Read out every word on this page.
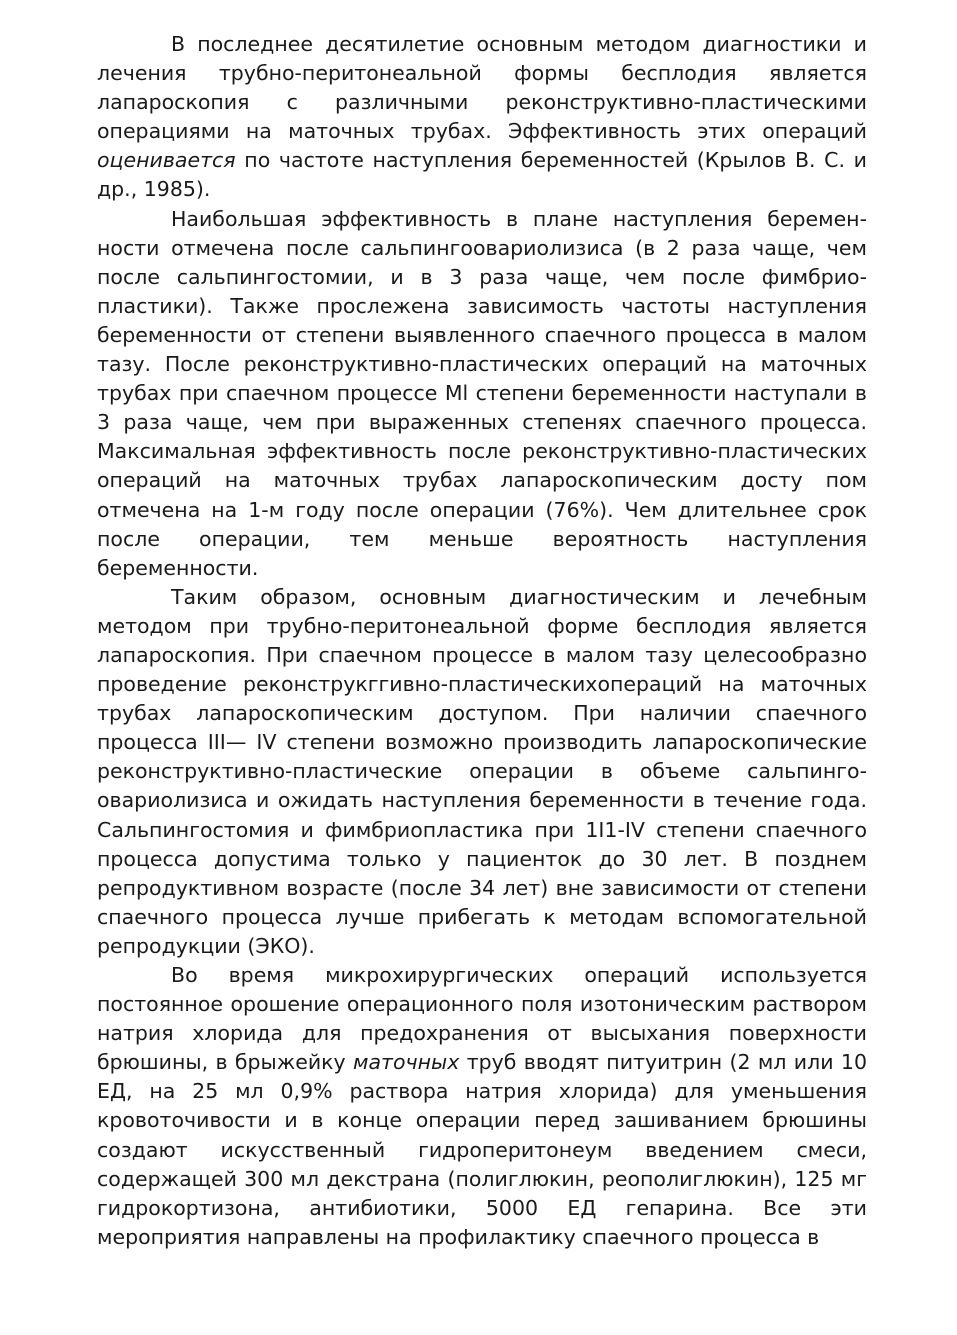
В последнее десятилетие основным методом диагностики и лечения трубно-перитонеальной формы бесплодия является лапароскопия с различными реконструктивно-пластическими операциями на маточных трубах. Эффективность этих операций оценивается по частоте наступления беременностей (Крылов В. С. и др., 1985).

Наибольшая эффективность в плане наступления беременности отмечена после сальпингоовариолизиса (в 2 раза чаще, чем после сальпингостомии, и в 3 раза чаще, чем после фимбриопластики). Также прослежена зависимость частоты наступления беременности от степени выявленного спаечного процесса в малом тазу. После реконструктивно-пластических операций на маточных трубах при спаечном процессе Ml степени беременности наступали в 3 раза чаще, чем при выраженных степенях спаечного процесса. Максимальная эффективность после реконструктивно-пластических операций на маточных трубах лапароскопическим досту пом отмечена на 1-м году после операции (76%). Чем длительнее срок после операции, тем меньше вероятность наступления беременности.

Таким образом, основным диагностическим и лечебным методом при трубно-перитонеальной форме бесплодия является лапароскопия. При спаечном процессе в малом тазу целесообразно проведение реконструкггивно-пластическихопераций на маточных трубах лапароскопическим доступом. При наличии спаечного процесса III— IV степени возможно производить лапароскопические реконструктивно-пластические операции в объеме сальпингоовариолизиса и ожидать наступления беременности в течение года. Сальпингостомия и фимбриопластика при 1I1-IV степени спаечного процесса допустима только у пациенток до 30 лет. В позднем репродуктивном возрасте (после 34 лет) вне зависимости от степени спаечного процесса лучше прибегать к методам вспомогательной репродукции (ЭКО).

Во время микрохирургических операций используется постоянное орошение операционного поля изотоническим раствором натрия хлорида для предохранения от высыхания поверхности брюшины, в брыжейку маточных труб вводят питуитрин (2 мл или 10 ЕД, на 25 мл 0,9% раствора натрия хлорида) для уменьшения кровоточивости и в конце операции перед зашиванием брюшины создают искусственный гидроперитонеум введением смеси, содержащей 300 мл декстрана (полиглюкин, реополиглюкин), 125 мг гидрокортизона, антибиотики, 5000 ЕД гепарина. Все эти мероприятия направлены на профилактику спаечного процесса в
